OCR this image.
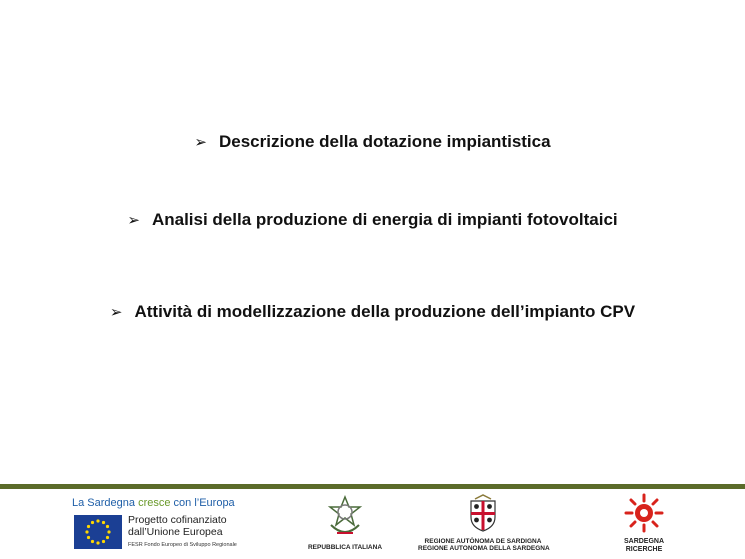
➢ Descrizione della dotazione impiantistica
➢ Analisi della produzione di energia di impianti fotovoltaici
➢ Attività di modellizzazione della produzione dell’impianto CPV
La Sardegna cresce con l’Europa
Progetto cofinanziato
dall’Unione Europea
FESR Fondo Europeo di Sviluppo Regionale	REPUBBLICA ITALIANA
REGIONE AUTÒNOMA DE SARDIGNA
REGIONE AUTONOMA DELLA SARDEGNA
SARDEGNA
RICERCHE
